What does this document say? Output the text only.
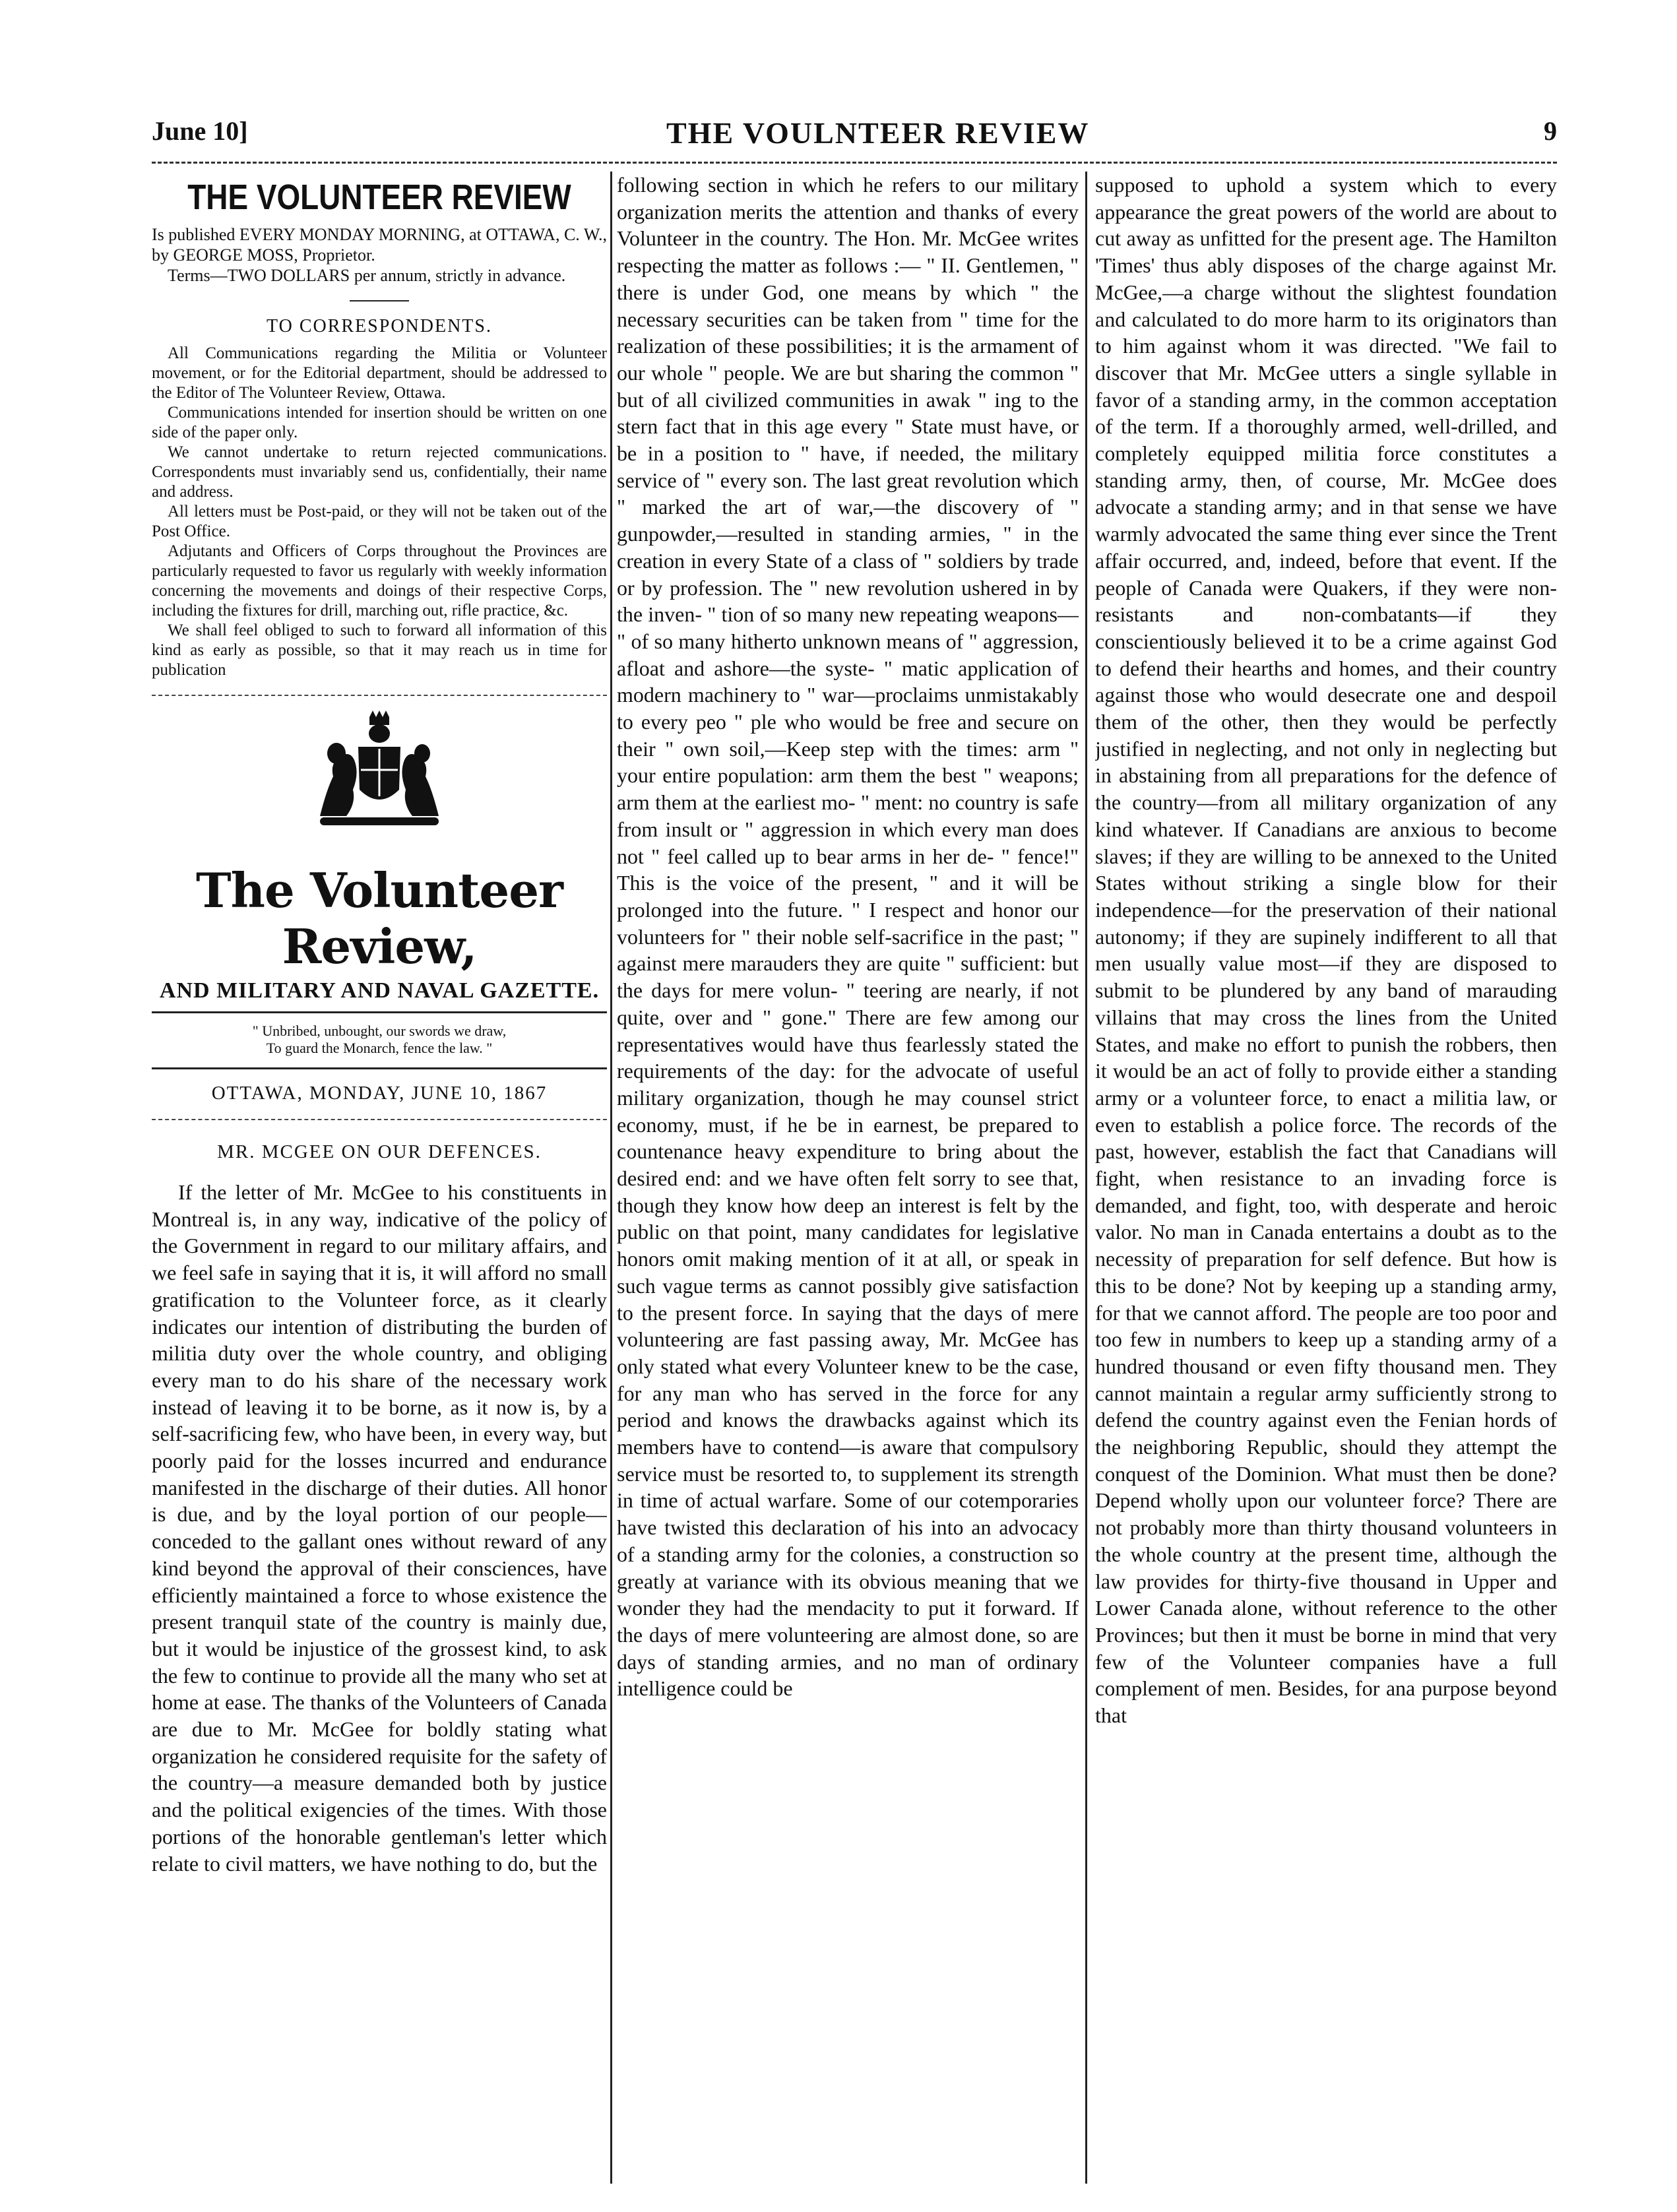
June 10]	THE VOULNTEER REVIEW	9
THE VOLUNTEER REVIEW

Is published EVERY MONDAY MORNING, at OTTAWA, C. W., by GEORGE MOSS, Proprietor.

Terms—TWO DOLLARS per annum, strictly in advance.

TO CORRESPONDENTS.

All Communications regarding the Militia or Volunteer movement, or for the Editorial department, should be addressed to the Editor of The Volunteer Review, Ottawa.

Communications intended for insertion should be written on one side of the paper only.

We cannot undertake to return rejected communications. Correspondents must invariably send us, confidentially, their name and address.

All letters must be Post-paid, or they will not be taken out of the Post Office.

Adjutants and Officers of Corps throughout the Provinces are particularly requested to favor us regularly with weekly information concerning the movements and doings of their respective Corps, including the fixtures for drill, marching out, rifle practice, &c.

We shall feel obliged to such to forward all information of this kind as early as possible, so that it may reach us in time for publication

The Volunteer Review,
AND MILITARY AND NAVAL GAZETTE.
" Unbribed, unbought, our swords we draw,
To guard the Monarch, fence the law. "
OTTAWA, MONDAY, JUNE 10, 1867
MR. MCGEE ON OUR DEFENCES.

If the letter of Mr. McGee to his constituents in Montreal is, in any way, indicative of the policy of the Government in regard to our military affairs, and we feel safe in saying that it is, it will afford no small gratification to the Volunteer force, as it clearly indicates our intention of distributing the burden of militia duty over the whole country, and obliging every man to do his share of the necessary work instead of leaving it to be borne, as it now is, by a self-sacrificing few, who have been, in every way, but poorly paid for the losses incurred and endurance manifested in the discharge of their duties. All honor is due, and by the loyal portion of our people—conceded to the gallant ones without reward of any kind beyond the approval of their consciences, have efficiently maintained a force to whose existence the present tranquil state of the country is mainly due, but it would be injustice of the grossest kind, to ask the few to continue to provide all the many who set at home at ease. The thanks of the Volunteers of Canada are due to Mr. McGee for boldly stating what organization he considered requisite for the safety of the country—a measure demanded both by justice and the political exigencies of the times. With those portions of the honorable gentleman's letter which relate to civil matters, we have nothing to do, but the

following section in which he refers to our military organization merits the attention and thanks of every Volunteer in the country. The Hon. Mr. McGee writes respecting the matter as follows :— " II. Gentlemen, " there is under God, one means by which " the necessary securities can be taken from " time for the realization of these possibilities; it is the armament of our whole " people. We are but sharing the common " but of all civilized communities in awak " ing to the stern fact that in this age every " State must have, or be in a position to " have, if needed, the military service of " every son. The last great revolution which " marked the art of war,—the discovery of " gunpowder,—resulted in standing armies, " in the creation in every State of a class of " soldiers by trade or by profession. The " new revolution ushered in by the inven- " tion of so many new repeating weapons— " of so many hitherto unknown means of " aggression, afloat and ashore—the syste- " matic application of modern machinery to " war—proclaims unmistakably to every peo " ple who would be free and secure on their " own soil,—Keep step with the times: arm " your entire population: arm them the best " weapons; arm them at the earliest mo- " ment: no country is safe from insult or " aggression in which every man does not " feel called up to bear arms in her de- " fence!" This is the voice of the present, " and it will be prolonged into the future. " I respect and honor our volunteers for " their noble self-sacrifice in the past; " against mere marauders they are quite " sufficient: but the days for mere volun- " teering are nearly, if not quite, over and " gone." There are few among our representatives would have thus fearlessly stated the requirements of the day: for the advocate of useful military organization, though he may counsel strict economy, must, if he be in earnest, be prepared to countenance heavy expenditure to bring about the desired end: and we have often felt sorry to see that, though they know how deep an interest is felt by the public on that point, many candidates for legislative honors omit making mention of it at all, or speak in such vague terms as cannot possibly give satisfaction to the present force. In saying that the days of mere volunteering are fast passing away, Mr. McGee has only stated what every Volunteer knew to be the case, for any man who has served in the force for any period and knows the drawbacks against which its members have to contend—is aware that compulsory service must be resorted to, to supplement its strength in time of actual warfare. Some of our cotemporaries have twisted this declaration of his into an advocacy of a standing army for the colonies, a construction so greatly at variance with its obvious meaning that we wonder they had the mendacity to put it forward. If the days of mere volunteering are almost done, so are days of standing armies, and no man of ordinary intelligence could be

supposed to uphold a system which to every appearance the great powers of the world are about to cut away as unfitted for the present age. The Hamilton 'Times' thus ably disposes of the charge against Mr. McGee,—a charge without the slightest foundation and calculated to do more harm to its originators than to him against whom it was directed. "We fail to discover that Mr. McGee utters a single syllable in favor of a standing army, in the common acceptation of the term. If a thoroughly armed, well-drilled, and completely equipped militia force constitutes a standing army, then, of course, Mr. McGee does advocate a standing army; and in that sense we have warmly advocated the same thing ever since the Trent affair occurred, and, indeed, before that event. If the people of Canada were Quakers, if they were non-resistants and non-combatants—if they conscientiously believed it to be a crime against God to defend their hearths and homes, and their country against those who would desecrate one and despoil them of the other, then they would be perfectly justified in neglecting, and not only in neglecting but in abstaining from all preparations for the defence of the country—from all military organization of any kind whatever. If Canadians are anxious to become slaves; if they are willing to be annexed to the United States without striking a single blow for their independence—for the preservation of their national autonomy; if they are supinely indifferent to all that men usually value most—if they are disposed to submit to be plundered by any band of marauding villains that may cross the lines from the United States, and make no effort to punish the robbers, then it would be an act of folly to provide either a standing army or a volunteer force, to enact a militia law, or even to establish a police force. The records of the past, however, establish the fact that Canadians will fight, when resistance to an invading force is demanded, and fight, too, with desperate and heroic valor. No man in Canada entertains a doubt as to the necessity of preparation for self defence. But how is this to be done? Not by keeping up a standing army, for that we cannot afford. The people are too poor and too few in numbers to keep up a standing army of a hundred thousand or even fifty thousand men. They cannot maintain a regular army sufficiently strong to defend the country against even the Fenian hords of the neighboring Republic, should they attempt the conquest of the Dominion. What must then be done? Depend wholly upon our volunteer force? There are not probably more than thirty thousand volunteers in the whole country at the present time, although the law provides for thirty-five thousand in Upper and Lower Canada alone, without reference to the other Provinces; but then it must be borne in mind that very few of the Volunteer companies have a full complement of men. Besides, for ana purpose beyond that
